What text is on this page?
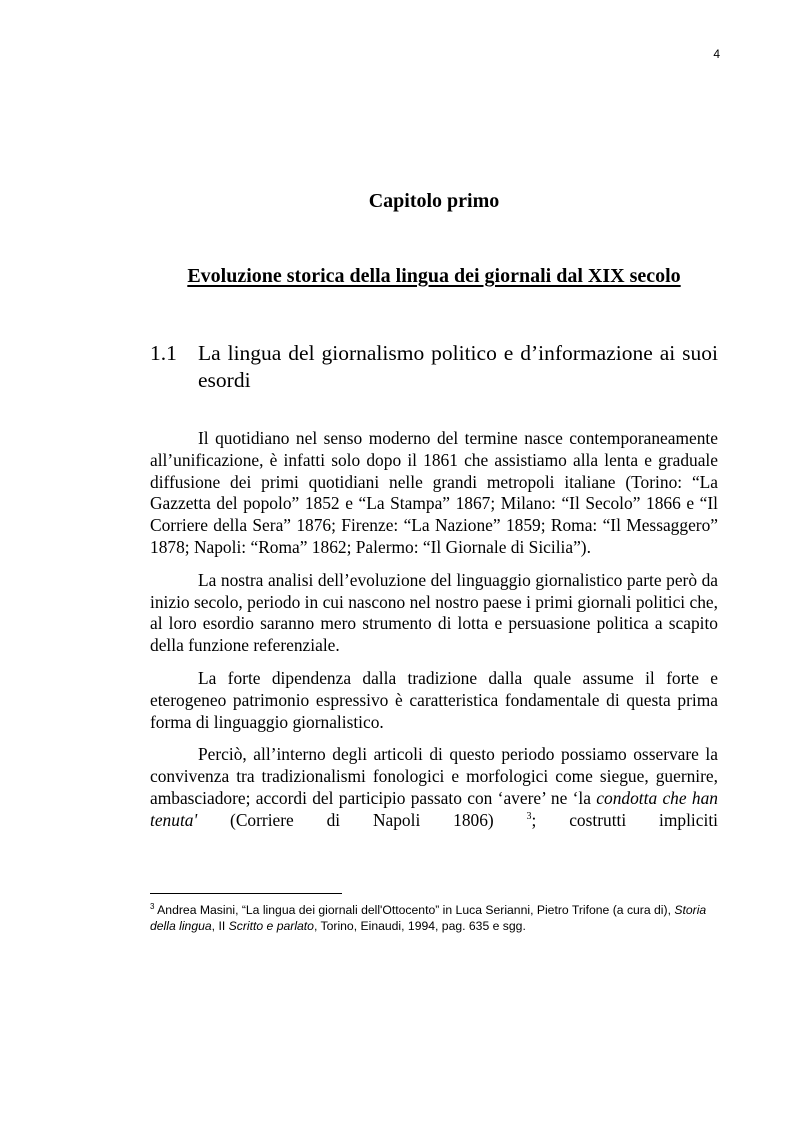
4
Capitolo primo
Evoluzione storica della lingua dei giornali dal XIX secolo
1.1 La lingua del giornalismo politico e d’informazione ai suoi esordi

Il quotidiano nel senso moderno del termine nasce contemporaneamente all’unificazione, è infatti solo dopo il 1861 che assistiamo alla lenta e graduale diffusione dei primi quotidiani nelle grandi metropoli italiane (Torino: “La Gazzetta del popolo” 1852 e “La Stampa” 1867; Milano: “Il Secolo” 1866 e “Il Corriere della Sera” 1876; Firenze: “La Nazione” 1859; Roma: “Il Messaggero” 1878; Napoli: “Roma” 1862; Palermo: “Il Giornale di Sicilia”).

La nostra analisi dell’evoluzione del linguaggio giornalistico parte però da inizio secolo, periodo in cui nascono nel nostro paese i primi giornali politici che, al loro esordio saranno mero strumento di lotta e persuasione politica a scapito della funzione referenziale.

La forte dipendenza dalla tradizione dalla quale assume il forte e eterogeneo patrimonio espressivo è caratteristica fondamentale di questa prima forma di linguaggio giornalistico.

Perciò, all’interno degli articoli di questo periodo possiamo osservare la convivenza tra tradizionalismi fonologici e morfologici come siegue, guernire, ambasciadore; accordi del participio passato con ‘avere’ ne ‘la condotta che han tenuta' (Corriere di Napoli 1806) $^3$; costrutti impliciti

$^3$ Andrea Masini, “La lingua dei giornali dell'Ottocento” in Luca Serianni, Pietro Trifone (a cura di), Storia della lingua, II Scritto e parlato, Torino, Einaudi, 1994, pag. 635 e sgg.
